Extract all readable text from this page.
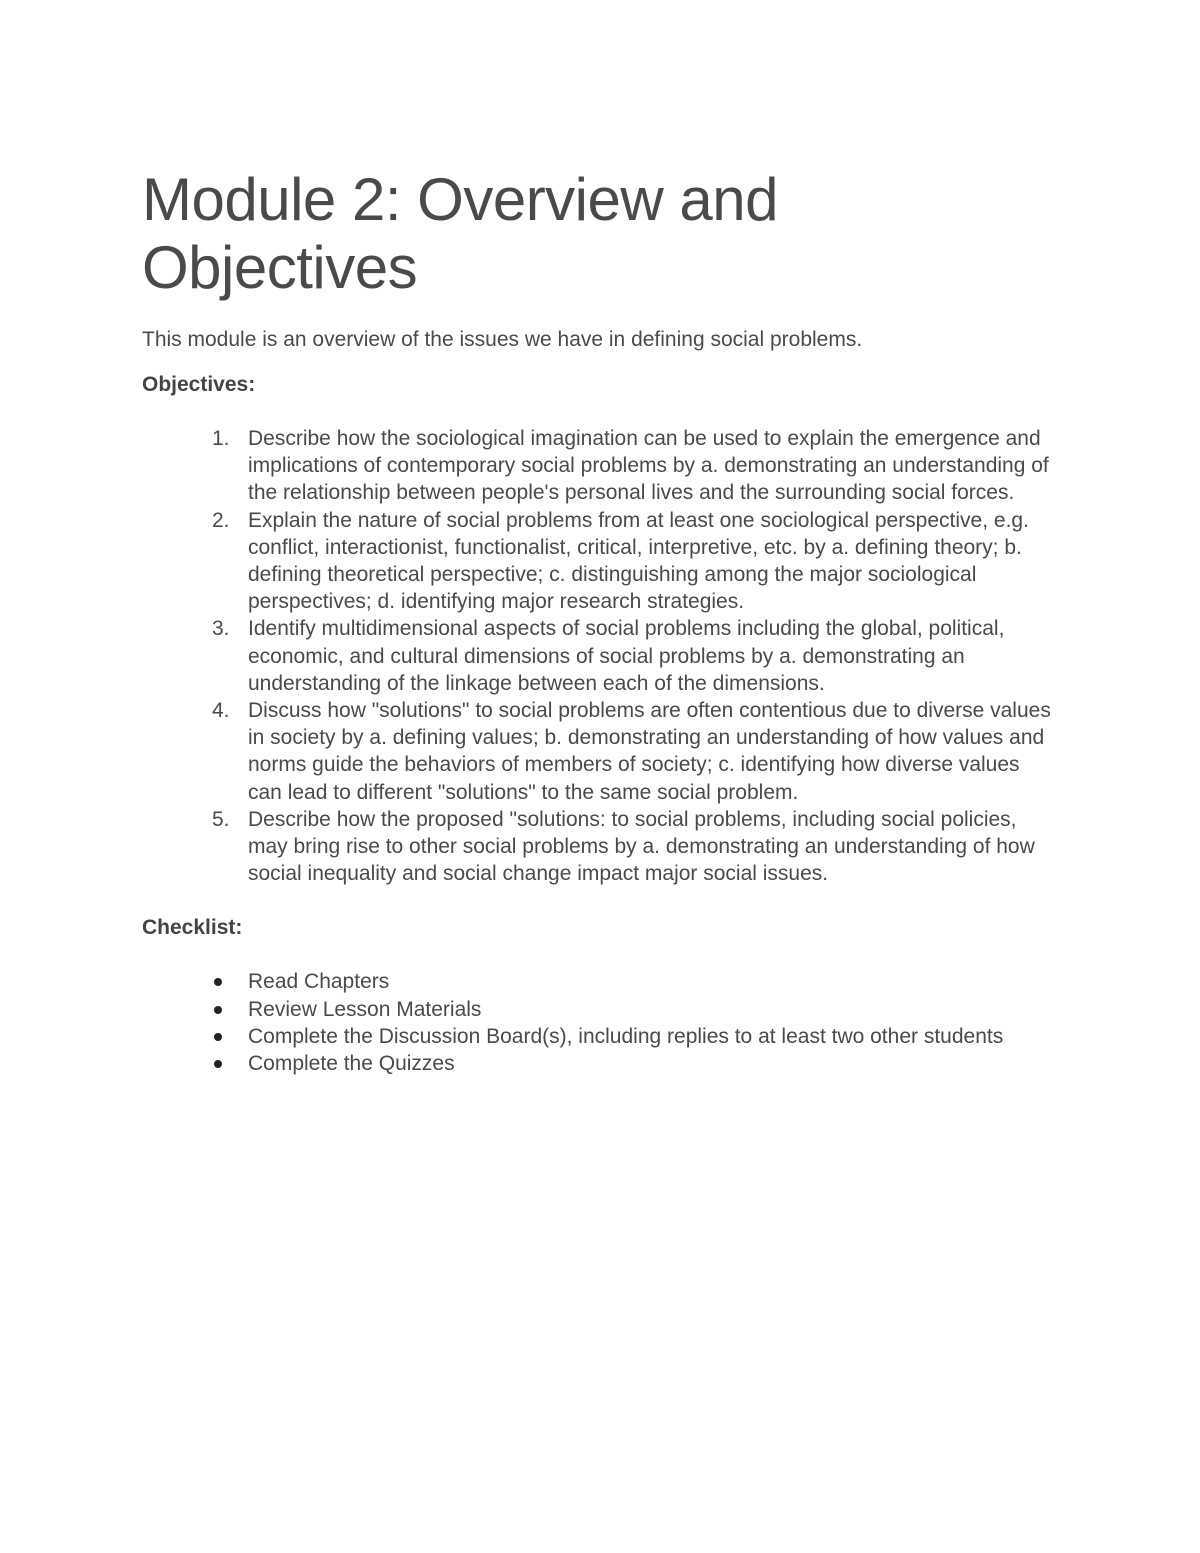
Module 2: Overview and Objectives

This module is an overview of the issues we have in defining social problems.

Objectives:
1. Describe how the sociological imagination can be used to explain the emergence and implications of contemporary social problems by a. demonstrating an understanding of the relationship between people's personal lives and the surrounding social forces.
2. Explain the nature of social problems from at least one sociological perspective, e.g. conflict, interactionist, functionalist, critical, interpretive, etc. by a. defining theory; b. defining theoretical perspective; c. distinguishing among the major sociological perspectives; d. identifying major research strategies.
3. Identify multidimensional aspects of social problems including the global, political, economic, and cultural dimensions of social problems by a. demonstrating an understanding of the linkage between each of the dimensions.
4. Discuss how "solutions" to social problems are often contentious due to diverse values in society by a. defining values; b. demonstrating an understanding of how values and norms guide the behaviors of members of society; c. identifying how diverse values can lead to different "solutions" to the same social problem.
5. Describe how the proposed "solutions: to social problems, including social policies, may bring rise to other social problems by a. demonstrating an understanding of how social inequality and social change impact major social issues.
Checklist:
Read Chapters
Review Lesson Materials
Complete the Discussion Board(s), including replies to at least two other students
Complete the Quizzes
